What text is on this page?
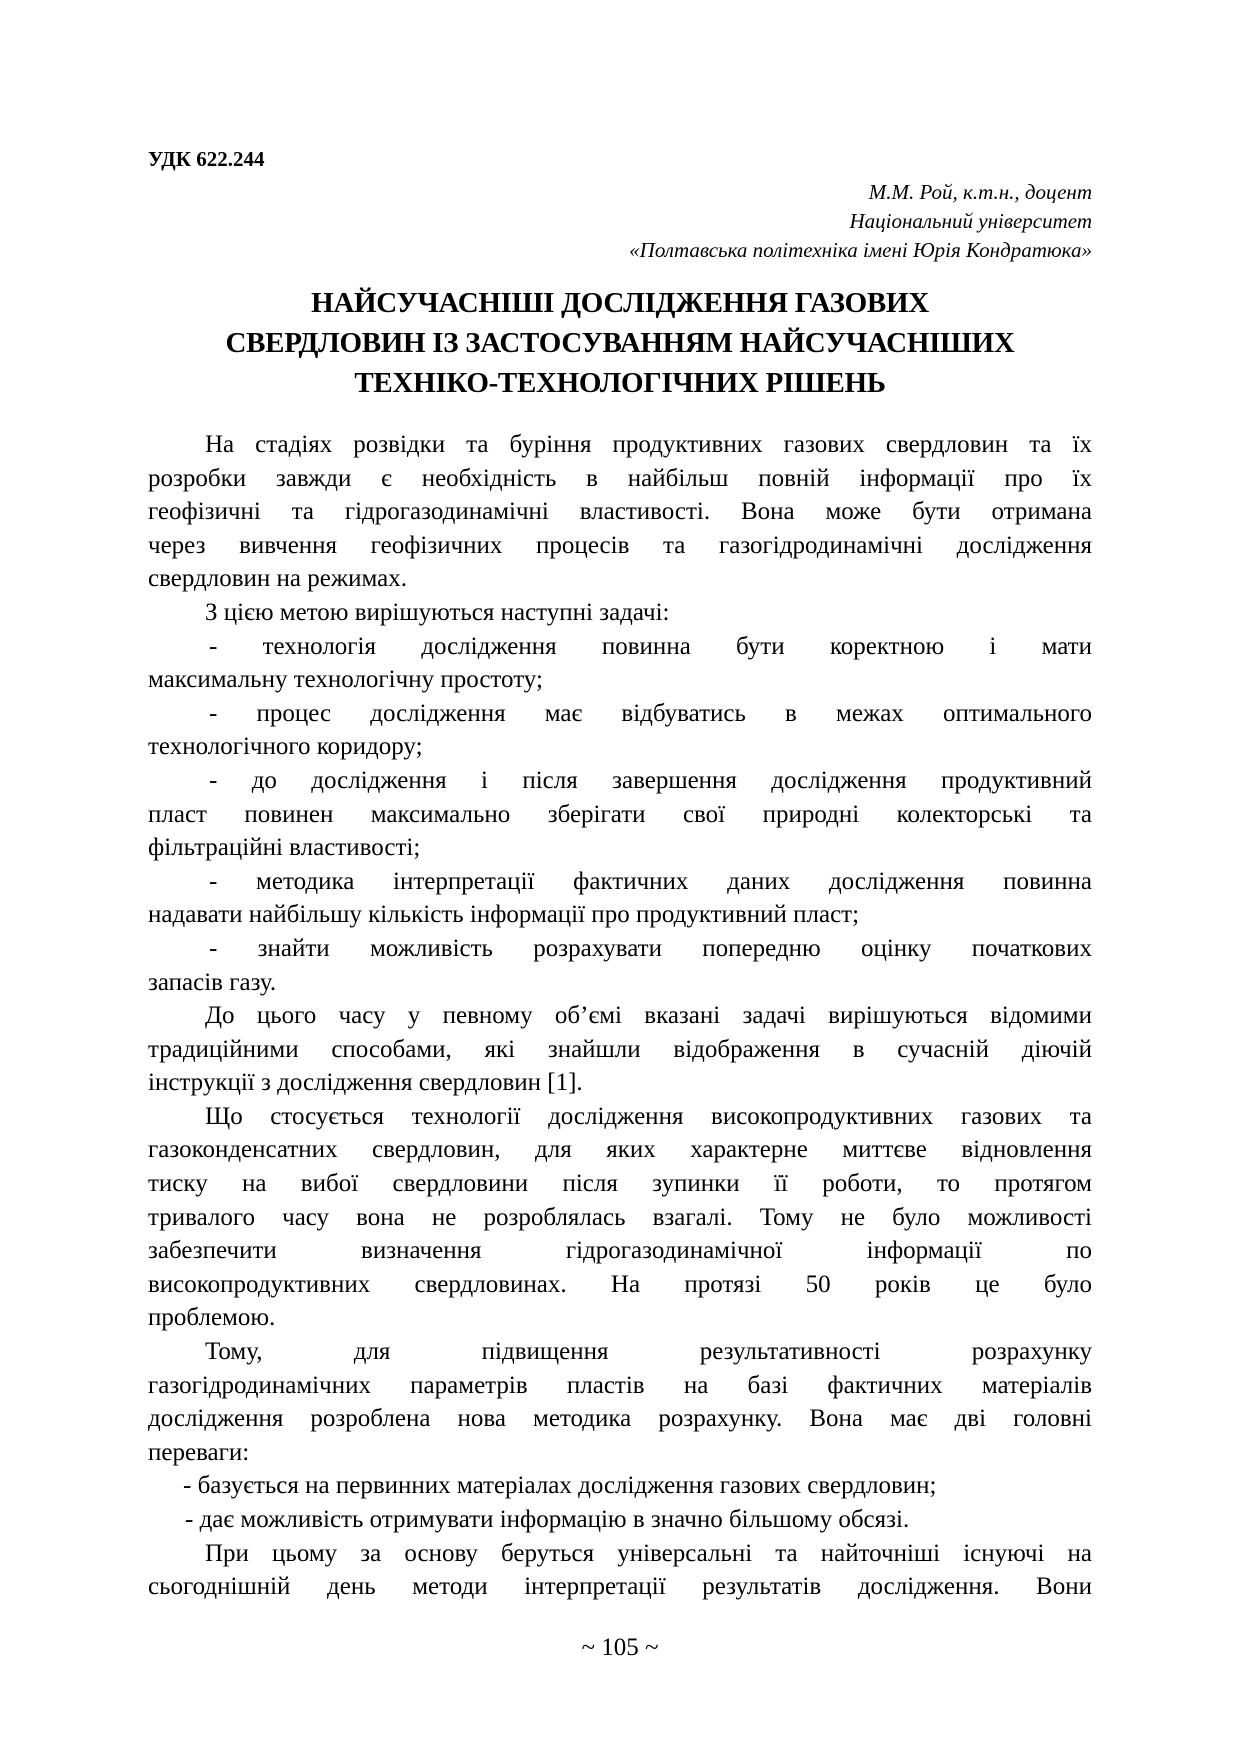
УДК 622.244
М.М. Рой, к.т.н., доцент
Національний університет
«Полтавська політехніка імені Юрія Кондратюка»
НАЙСУЧАСНІШІ ДОСЛІДЖЕННЯ ГАЗОВИХ
СВЕРДЛОВИН ІЗ ЗАСТОСУВАННЯМ НАЙСУЧАСНІШИХ
ТЕХНІКО-ТЕХНОЛОГІЧНИХ РІШЕНЬ
На стадіях розвідки та буріння продуктивних газових свердловин та їх
розробки завжди є необхідність в найбільш повній інформації про їх
геофізичні та гідрогазодинамічні властивості. Вона може бути отримана
через вивчення геофізичних процесів та газогідродинамічні дослідження
свердловин на режимах.
З цією метою вирішуються наступні задачі:
- технологія дослідження повинна бути коректною і мати
максимальну технологічну простоту;
- процес дослідження має відбуватись в межах оптимального
технологічного коридору;
- до дослідження і після завершення дослідження продуктивний
пласт повинен максимально зберігати свої природні колекторські та
фільтраційні властивості;
- методика інтерпретації фактичних даних дослідження повинна
надавати найбільшу кількість інформації про продуктивний пласт;
- знайти можливість розрахувати попередню оцінку початкових
запасів газу.
До цього часу у певному об’ємі вказані задачі вирішуються відомими
традиційними способами, які знайшли відображення в сучасній діючій
інструкції з дослідження свердловин [1].
Що стосується технології дослідження високопродуктивних газових та
газоконденсатних свердловин, для яких характерне миттєве відновлення
тиску на вибої свердловини після зупинки її роботи, то протягом
тривалого часу вона не розроблялась взагалі. Тому не було можливості
забезпечити визначення гідрогазодинамічної інформації по
високопродуктивних свердловинах. На протязі 50 років це було
проблемою.
Тому, для підвищення результативності розрахунку
газогідродинамічних параметрів пластів на базі фактичних матеріалів
дослідження розроблена нова методика розрахунку. Вона має дві головні
переваги:
- базується на первинних матеріалах дослідження газових свердловин;
- дає можливість отримувати інформацію в значно більшому обсязі.
При цьому за основу беруться універсальні та найточніші існуючі на
сьогоднішній день методи інтерпретації результатів дослідження. Вони
~ 105 ~
